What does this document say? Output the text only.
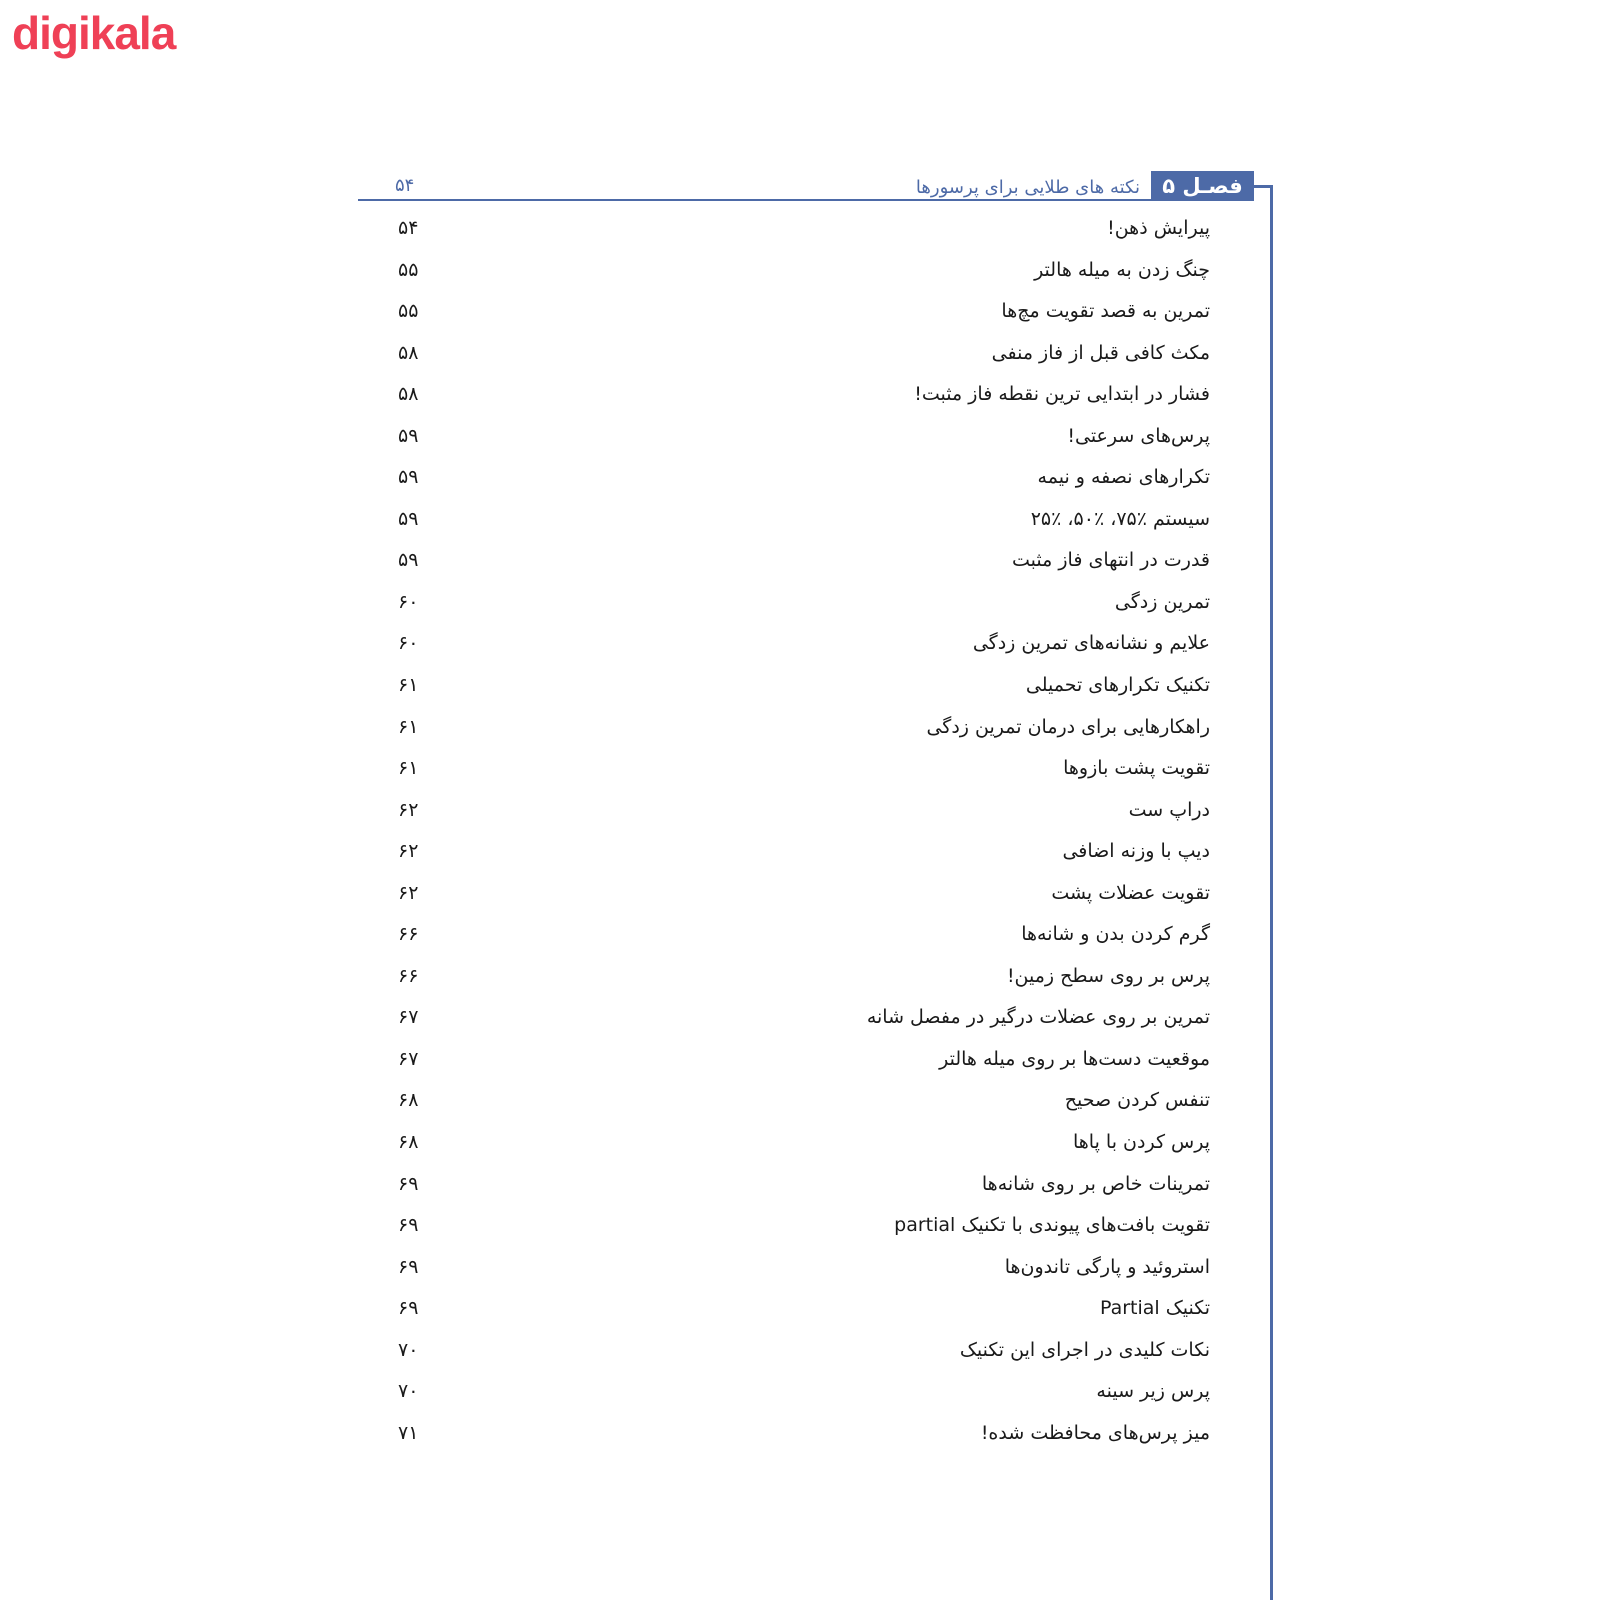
digikala
فصـل ۵
نکته های طلایی برای پرسورها
۵۴
پیرایش ذهن!
۵۴
چنگ زدن به میله هالتر
۵۵
تمرین به قصد تقویت مچ‌ها
۵۵
مکث کافی قبل از فاز منفی
۵۸
فشار در ابتدایی ترین نقطه فاز مثبت!
۵۸
پرس‌های سرعتی!
۵۹
تکرارهای نصفه و نیمه
۵۹
سیستم ٪۷۵، ٪۵۰، ٪۲۵
۵۹
قدرت در انتهای فاز مثبت
۵۹
تمرین زدگی
۶۰
علایم و نشانه‌های تمرین زدگی
۶۰
تکنیک تکرارهای تحمیلی
۶۱
راهکارهایی برای درمان تمرین زدگی
۶۱
تقویت پشت بازوها
۶۱
دراپ ست
۶۲
دیپ با وزنه اضافی
۶۲
تقویت عضلات پشت
۶۲
گرم کردن بدن و شانه‌ها
۶۶
پرس بر روی سطح زمین!
۶۶
تمرین بر روی عضلات درگیر در مفصل شانه
۶۷
موقعیت دست‌ها بر روی میله هالتر
۶۷
تنفس کردن صحیح
۶۸
پرس کردن با پاها
۶۸
تمرینات خاص بر روی شانه‌ها
۶۹
تقویت بافت‌های پیوندی با تکنیک partial
۶۹
استروئید و پارگی تاندون‌ها
۶۹
تکنیک Partial
۶۹
نکات کلیدی در اجرای این تکنیک
۷۰
پرس زیر سینه
۷۰
میز پرس‌های محافظت شده!
۷۱
